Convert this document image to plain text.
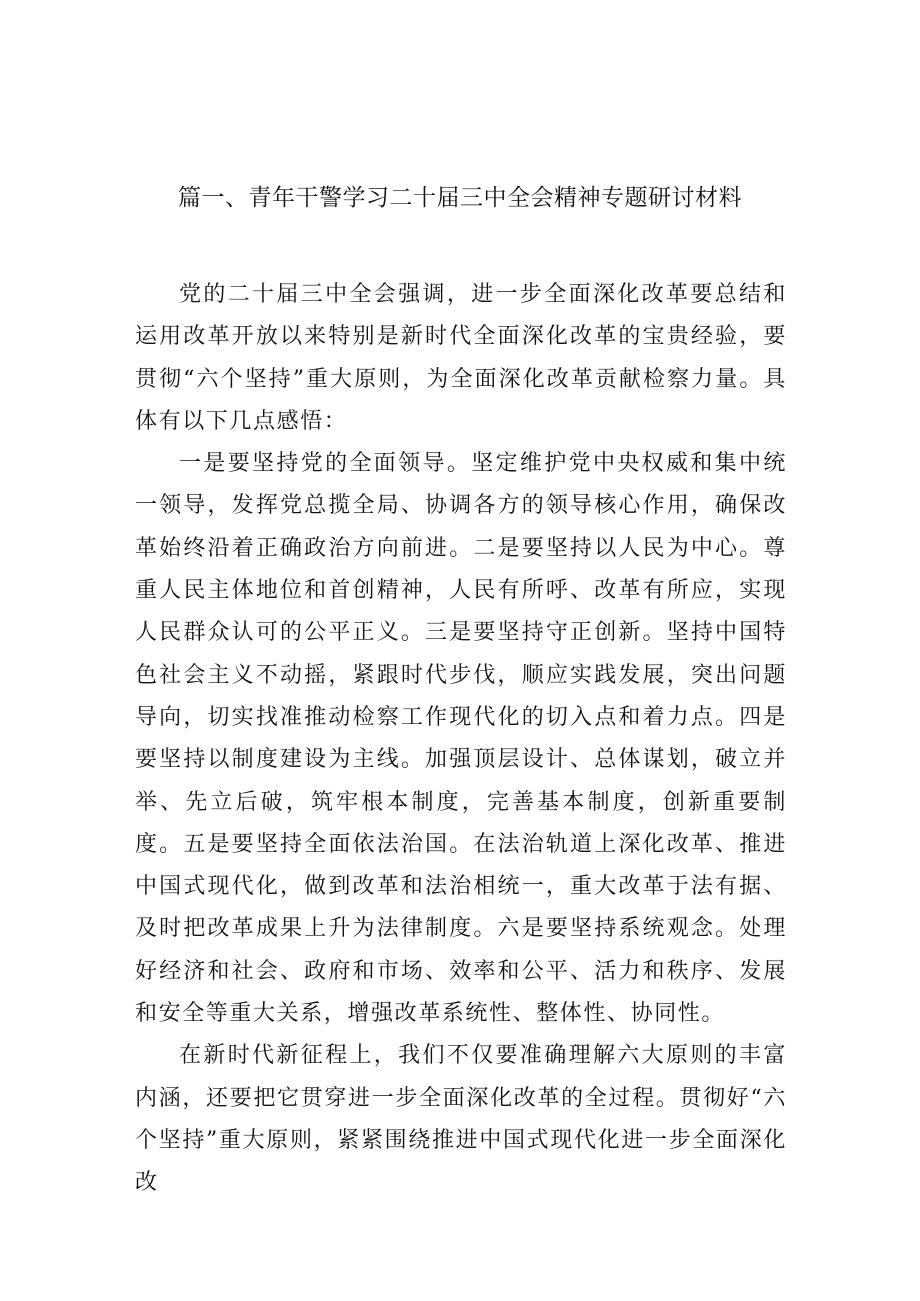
篇一、青年干警学习二十届三中全会精神专题研讨材料

党的二十届三中全会强调，进一步全面深化改革要总结和运用改革开放以来特别是新时代全面深化改革的宝贵经验，要贯彻“六个坚持”重大原则，为全面深化改革贡献检察力量。具体有以下几点感悟：

一是要坚持党的全面领导。坚定维护党中央权威和集中统一领导，发挥党总揽全局、协调各方的领导核心作用，确保改革始终沿着正确政治方向前进。二是要坚持以人民为中心。尊重人民主体地位和首创精神，人民有所呼、改革有所应，实现人民群众认可的公平正义。三是要坚持守正创新。坚持中国特色社会主义不动摇，紧跟时代步伐，顺应实践发展，突出问题导向，切实找准推动检察工作现代化的切入点和着力点。四是要坚持以制度建设为主线。加强顶层设计、总体谋划，破立并举、先立后破，筑牢根本制度，完善基本制度，创新重要制度。五是要坚持全面依法治国。在法治轨道上深化改革、推进中国式现代化，做到改革和法治相统一，重大改革于法有据、及时把改革成果上升为法律制度。六是要坚持系统观念。处理好经济和社会、政府和市场、效率和公平、活力和秩序、发展和安全等重大关系，增强改革系统性、整体性、协同性。

在新时代新征程上，我们不仅要准确理解六大原则的丰富内涵，还要把它贯穿进一步全面深化改革的全过程。贯彻好“六个坚持”重大原则，紧紧围绕推进中国式现代化进一步全面深化改
